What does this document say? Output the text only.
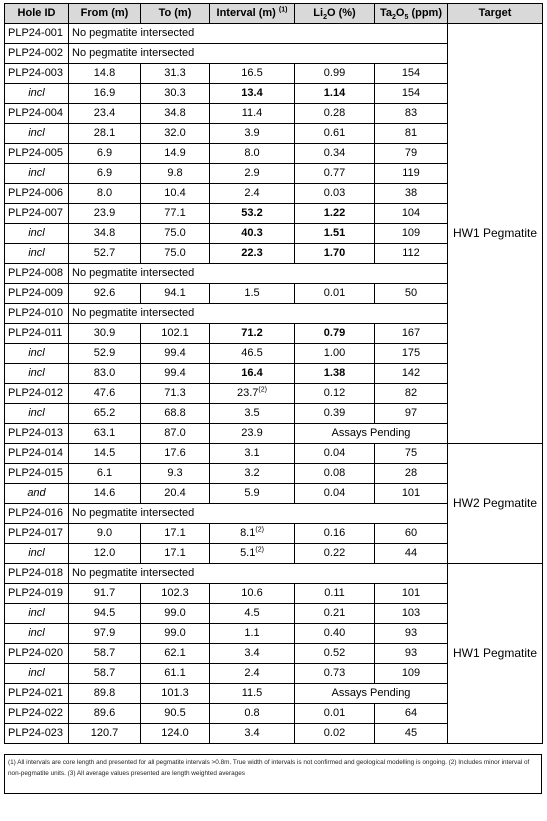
Hole ID	From (m)	To (m)	Interval (m) $^{(1)}$	$Li_2O$ (%)	$Ta_2O_5$ (ppm)	Target
PLP24-001	No pegmatite intersected					HW1 Pegmatite
PLP24-002	No pegmatite intersected					
PLP24-003	14.8	31.3	16.5	0.99	154	
incl	16.9	30.3	13.4	1.14	154	
PLP24-004	23.4	34.8	11.4	0.28	83	
incl	28.1	32.0	3.9	0.61	81	
PLP24-005	6.9	14.9	8.0	0.34	79	
incl	6.9	9.8	2.9	0.77	119	
PLP24-006	8.0	10.4	2.4	0.03	38	
PLP24-007	23.9	77.1	53.2	1.22	104	
incl	34.8	75.0	40.3	1.51	109	
incl	52.7	75.0	22.3	1.70	112	
PLP24-008	No pegmatite intersected					
PLP24-009	92.6	94.1	1.5	0.01	50	
PLP24-010	No pegmatite intersected					
PLP24-011	30.9	102.1	71.2	0.79	167	
incl	52.9	99.4	46.5	1.00	175	
incl	83.0	99.4	16.4	1.38	142	
PLP24-012	47.6	71.3	23.7$^{(2)}$	0.12	82	
incl	65.2	68.8	3.5	0.39	97	
PLP24-013	63.1	87.0	23.9	Assays Pending		
PLP24-014	14.5	17.6	3.1	0.04	75	HW2 Pegmatite
PLP24-015	6.1	9.3	3.2	0.08	28	
and	14.6	20.4	5.9	0.04	101	
PLP24-016	No pegmatite intersected					
PLP24-017	9.0	17.1	8.1$^{(2)}$	0.16	60	
incl	12.0	17.1	5.1$^{(2)}$	0.22	44	
PLP24-018	No pegmatite intersected					HW1 Pegmatite
PLP24-019	91.7	102.3	10.6	0.11	101	
incl	94.5	99.0	4.5	0.21	103	
incl	97.9	99.0	1.1	0.40	93	
PLP24-020	58.7	62.1	3.4	0.52	93	
incl	58.7	61.1	2.4	0.73	109	
PLP24-021	89.8	101.3	11.5	Assays Pending		
PLP24-022	89.6	90.5	0.8	0.01	64	
PLP24-023	120.7	124.0	3.4	0.02	45	
(1) All intervals are core length and presented for all pegmatite intervals >0.8m. True width of intervals is not confirmed and geological modelling is ongoing. (2) Includes minor interval of non-pegmatite units. (3) All average values presented are length weighted averages
